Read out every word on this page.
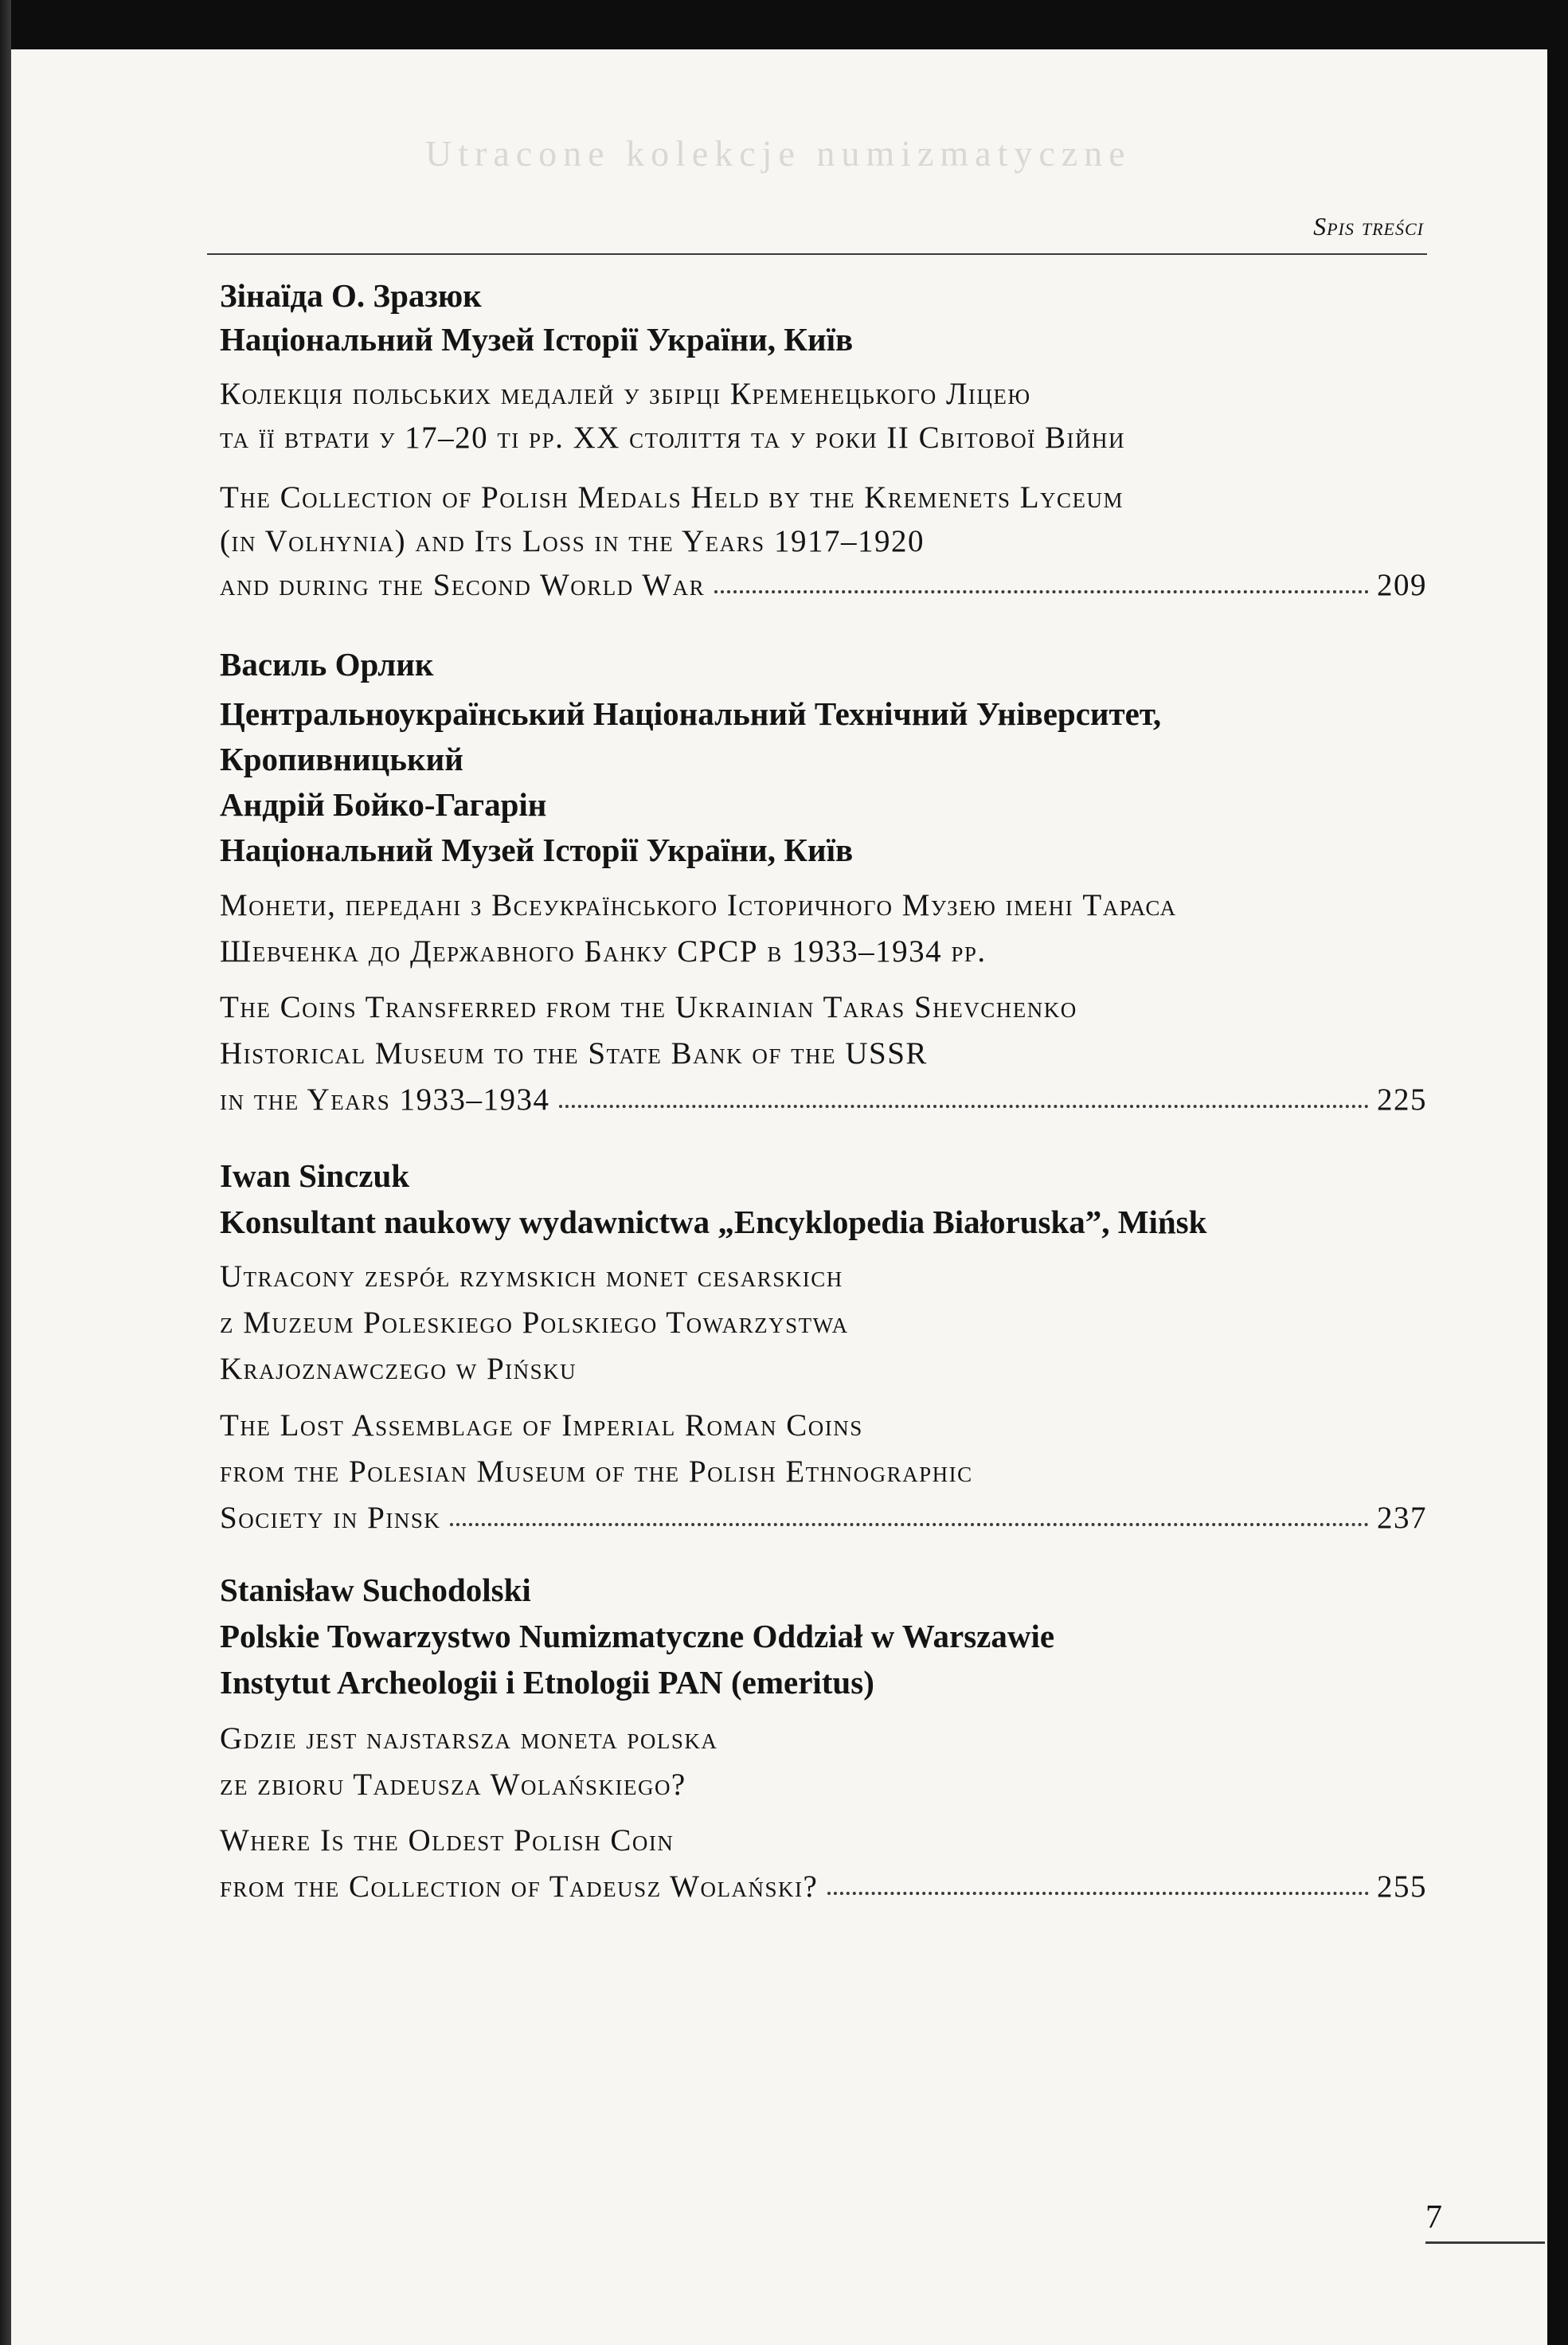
Utracone kolekcje numizmatyczne
Spis treści
Зінаїда О. Зразюк
Національний Музей Історії України, Київ
Колекція польських медалей у збірці Кременецького Ліцею
та її втрати у 17–20 ті рр. XX століття та у роки II Світової Війни
The Collection of Polish Medals Held by the Kremenets Lyceum
(in Volhynia) and Its Loss in the Years 1917–1920
and during the Second World War	209
Василь Орлик
Центральноукраїнський Національний Технічний Університет,
Кропивницький
Андрій Бойко-Гагарін
Національний Музей Історії України, Київ
Монети, передані з Всеукраїнського Історичного Музею імені Тараса
Шевченка до Державного Банку СРСР в 1933–1934 рр.
The Coins Transferred from the Ukrainian Taras Shevchenko
Historical Museum to the State Bank of the USSR
in the Years 1933–1934	225
Iwan Sinczuk
Konsultant naukowy wydawnictwa „Encyklopedia Białoruska”, Mińsk
Utracony zespół rzymskich monet cesarskich
z Muzeum Poleskiego Polskiego Towarzystwa
Krajoznawczego w Pińsku
The Lost Assemblage of Imperial Roman Coins
from the Polesian Museum of the Polish Ethnographic
Society in Pinsk	237
Stanisław Suchodolski
Polskie Towarzystwo Numizmatyczne Oddział w Warszawie
Instytut Archeologii i Etnologii PAN (emeritus)
Gdzie jest najstarsza moneta polska
ze zbioru Tadeusza Wolańskiego?
Where Is the Oldest Polish Coin
from the Collection of Tadeusz Wolański?	255
7
